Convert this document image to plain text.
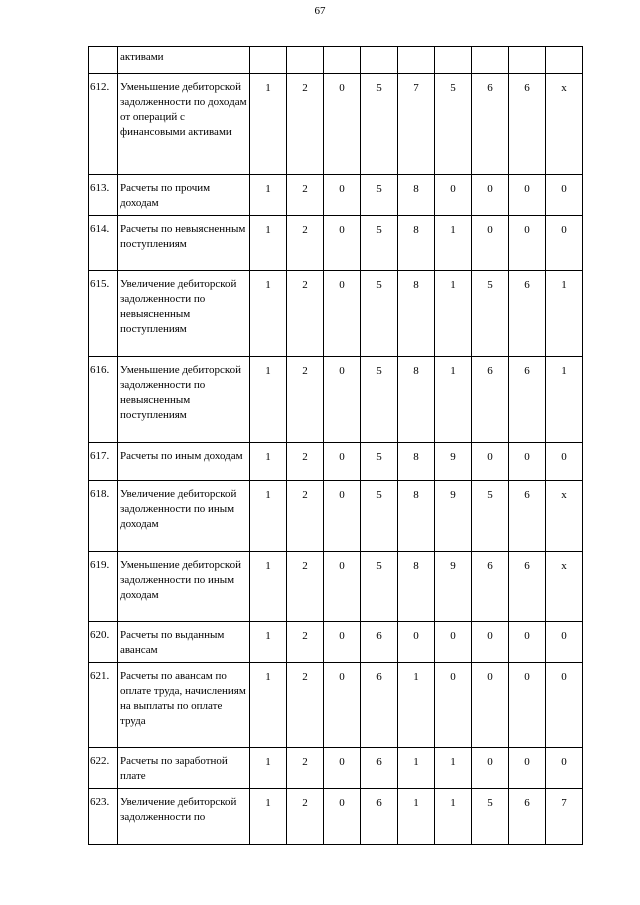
67
	активами									
612.	Уменьшение дебиторской задолженности по доходам от операций с финансовыми активами	1	2	0	5	7	5	6	6	х
613.	Расчеты по прочим доходам	1	2	0	5	8	0	0	0	0
614.	Расчеты по невыясненным поступлениям	1	2	0	5	8	1	0	0	0
615.	Увеличение дебиторской задолженности по невыясненным поступлениям	1	2	0	5	8	1	5	6	1
616.	Уменьшение дебиторской задолженности по невыясненным поступлениям	1	2	0	5	8	1	6	6	1
617.	Расчеты по иным доходам	1	2	0	5	8	9	0	0	0
618.	Увеличение дебиторской задолженности по иным доходам	1	2	0	5	8	9	5	6	х
619.	Уменьшение дебиторской задолженности по иным доходам	1	2	0	5	8	9	6	6	х
620.	Расчеты по выданным авансам	1	2	0	6	0	0	0	0	0
621.	Расчеты по авансам по оплате труда, начислениям на выплаты по оплате труда	1	2	0	6	1	0	0	0	0
622.	Расчеты по заработной плате	1	2	0	6	1	1	0	0	0
623.	Увеличение дебиторской задолженности по	1	2	0	6	1	1	5	6	7
